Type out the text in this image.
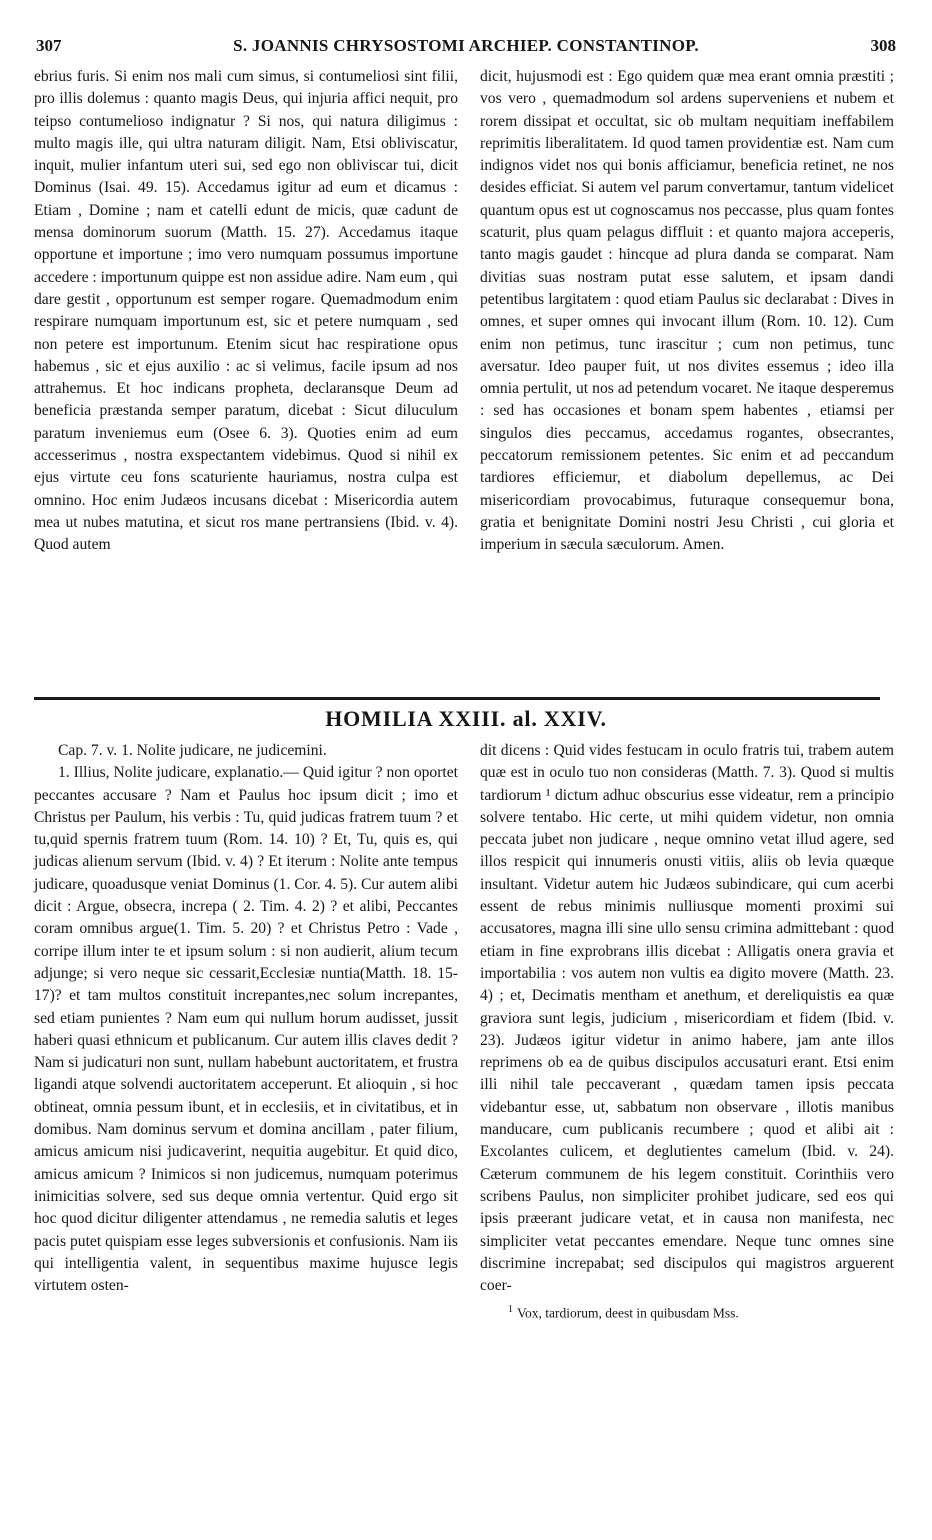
307	S. JOANNIS CHRYSOSTOMI ARCHIEP. CONSTANTINOP.	308

ebrius furis. Si enim nos mali cum simus, si contumeliosi sint filii, pro illis dolemus : quanto magis Deus, qui injuria affici nequit, pro teipso contumelioso indignatur ? Si nos, qui natura diligimus : multo magis ille, qui ultra naturam diligit. Nam, Etsi obliviscatur, inquit, mulier infantum uteri sui, sed ego non obliviscar tui, dicit Dominus (Isai. 49. 15). Accedamus igitur ad eum et dicamus : Etiam , Domine ; nam et catelli edunt de micis, quæ cadunt de mensa dominorum suorum (Matth. 15. 27). Accedamus itaque opportune et importune ; imo vero numquam possumus importune accedere : importunum quippe est non assidue adire. Nam eum , qui dare gestit , opportunum est semper rogare. Quemadmodum enim respirare numquam importunum est, sic et petere numquam , sed non petere est importunum. Etenim sicut hac respiratione opus habemus , sic et ejus auxilio : ac si velimus, facile ipsum ad nos attrahemus. Et hoc indicans propheta, declaransque Deum ad beneficia præstanda semper paratum, dicebat : Sicut diluculum paratum inveniemus eum (Osee 6. 3). Quoties enim ad eum accesserimus , nostra exspectantem videbimus. Quod si nihil ex ejus virtute ceu fons scaturiente hauriamus, nostra culpa est omnino. Hoc enim Judæos incusans dicebat : Misericordia autem mea ut nubes matutina, et sicut ros mane pertransiens (Ibid. v. 4). Quod autem

dicit, hujusmodi est : Ego quidem quæ mea erant omnia præstiti ; vos vero , quemadmodum sol ardens superveniens et nubem et rorem dissipat et occultat, sic ob multam nequitiam ineffabilem reprimitis liberalitatem. Id quod tamen providentiæ est. Nam cum indignos videt nos qui bonis afficiamur, beneficia retinet, ne nos desides efficiat. Si autem vel parum convertamur, tantum videlicet quantum opus est ut cognoscamus nos peccasse, plus quam fontes scaturit, plus quam pelagus diffluit : et quanto majora acceperis, tanto magis gaudet : hincque ad plura danda se comparat. Nam divitias suas nostram putat esse salutem, et ipsam dandi petentibus largitatem : quod etiam Paulus sic declarabat : Dives in omnes, et super omnes qui invocant illum (Rom. 10. 12). Cum enim non petimus, tunc irascitur ; cum non petimus, tunc aversatur. Ideo pauper fuit, ut nos divites essemus ; ideo illa omnia pertulit, ut nos ad petendum vocaret. Ne itaque desperemus : sed has occasiones et bonam spem habentes , etiamsi per singulos dies peccamus, accedamus rogantes, obsecrantes, peccatorum remissionem petentes. Sic enim et ad peccandum tardiores efficiemur, et diabolum depellemus, ac Dei misericordiam provocabimus, futuraque consequemur bona, gratia et benignitate Domini nostri Jesu Christi , cui gloria et imperium in sæcula sæculorum. Amen.

HOMILIA XXIII. al. XXIV.

Cap. 7. v. 1. Nolite judicare, ne judicemini.

1. Illius, Nolite judicare, explanatio.— Quid igitur ? non oportet peccantes accusare ? Nam et Paulus hoc ipsum dicit ; imo et Christus per Paulum, his verbis : Tu, quid judicas fratrem tuum ? et tu,quid spernis fratrem tuum (Rom. 14. 10) ? Et, Tu, quis es, qui judicas alienum servum (Ibid. v. 4) ? Et iterum : Nolite ante tempus judicare, quoadusque veniat Dominus (1. Cor. 4. 5). Cur autem alibi dicit : Argue, obsecra, increpa ( 2. Tim. 4. 2) ? et alibi, Peccantes coram omnibus argue(1. Tim. 5. 20) ? et Christus Petro : Vade , corripe illum inter te et ipsum solum : si non audierit, alium tecum adjunge; si vero neque sic cessarit,Ecclesiæ nuntia(Matth. 18. 15-17)? et tam multos constituit increpantes,nec solum increpantes, sed etiam punientes ? Nam eum qui nullum horum audisset, jussit haberi quasi ethnicum et publicanum. Cur autem illis claves dedit ? Nam si judicaturi non sunt, nullam habebunt auctoritatem, et frustra ligandi atque solvendi auctoritatem acceperunt. Et alioquin , si hoc obtineat, omnia pessum ibunt, et in ecclesiis, et in civitatibus, et in domibus. Nam dominus servum et domina ancillam , pater filium, amicus amicum nisi judicaverint, nequitia augebitur. Et quid dico, amicus amicum ? Inimicos si non judicemus, numquam poterimus inimicitias solvere, sed sus deque omnia vertentur. Quid ergo sit hoc quod dicitur diligenter attendamus , ne remedia salutis et leges pacis putet quispiam esse leges subversionis et confusionis. Nam iis qui intelligentia valent, in sequentibus maxime hujusce legis virtutem osten-

dit dicens : Quid vides festucam in oculo fratris tui, trabem autem quæ est in oculo tuo non consideras (Matth. 7. 3). Quod si multis tardiorum ¹ dictum adhuc obscurius esse videatur, rem a principio solvere tentabo. Hic certe, ut mihi quidem videtur, non omnia peccata jubet non judicare , neque omnino vetat illud agere, sed illos respicit qui innumeris onusti vitiis, aliis ob levia quæque insultant. Videtur autem hic Judæos subindicare, qui cum acerbi essent de rebus minimis nulliusque momenti proximi sui accusatores, magna illi sine ullo sensu crimina admittebant : quod etiam in fine exprobrans illis dicebat : Alligatis onera gravia et importabilia : vos autem non vultis ea digito movere (Matth. 23. 4) ; et, Decimatis mentham et anethum, et dereliquistis ea quæ graviora sunt legis, judicium , misericordiam et fidem (Ibid. v. 23). Judæos igitur videtur in animo habere, jam ante illos reprimens ob ea de quibus discipulos accusaturi erant. Etsi enim illi nihil tale peccaverant , quædam tamen ipsis peccata videbantur esse, ut, sabbatum non observare , illotis manibus manducare, cum publicanis recumbere ; quod et alibi ait : Excolantes culicem, et deglutientes camelum (Ibid. v. 24). Cæterum communem de his legem constituit. Corinthiis vero scribens Paulus, non simpliciter prohibet judicare, sed eos qui ipsis præerant judicare vetat, et in causa non manifesta, nec simpliciter vetat peccantes emendare. Neque tunc omnes sine discrimine increpabat; sed discipulos qui magistros arguerent coer-

$^1$ Vox, tardiorum, deest in quibusdam Mss.
